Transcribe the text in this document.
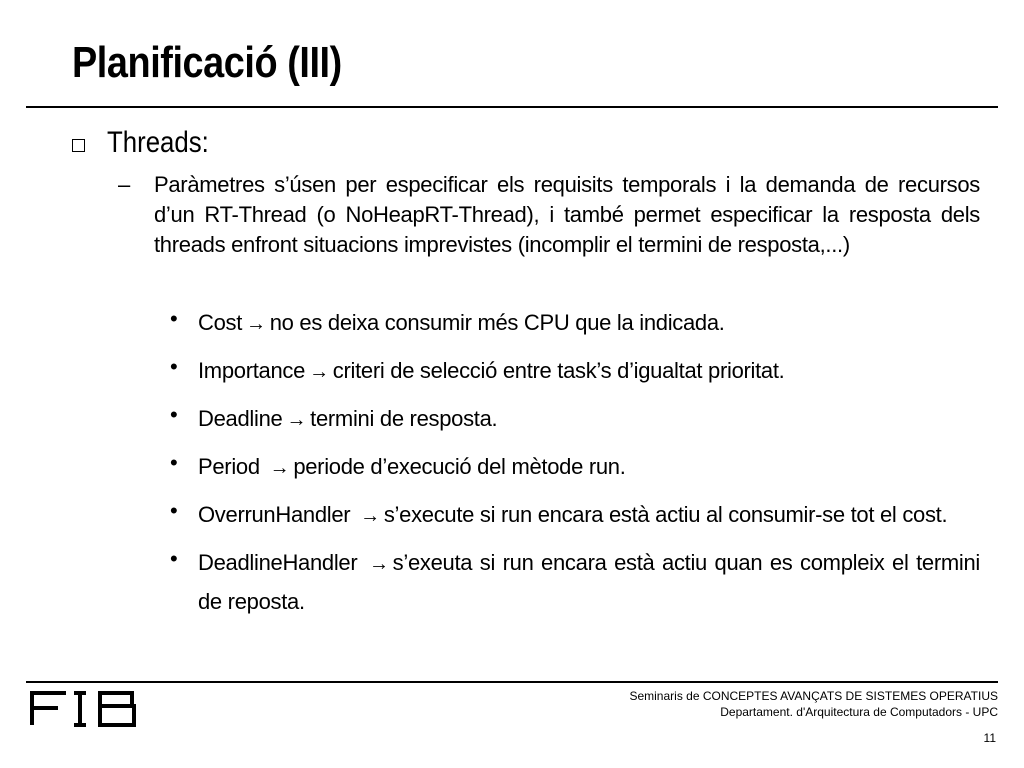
Planificació (III)
Threads:
–	Paràmetres s’úsen per especificar els requisits temporals i la demanda de recursos d’un RT-Thread (o NoHeapRT-Thread), i també permet especificar la resposta dels threads enfront situacions imprevistes (incomplir el termini de resposta,...)
• Cost → no es deixa consumir més CPU que la indicada.
• Importance → criteri de selecció entre task’s d’igualtat prioritat.
• Deadline → termini de resposta.
• Period → periode d’execució del mètode run.
• OverrunHandler → s’execute si run encara està actiu al consumir-se tot el cost.
• DeadlineHandler → s’exeuta si run encara està actiu quan es compleix el termini de reposta.
Seminaris de CONCEPTES AVANÇATS DE SISTEMES OPERATIUS
Departament. d'Arquitectura de Computadors - UPC
11
